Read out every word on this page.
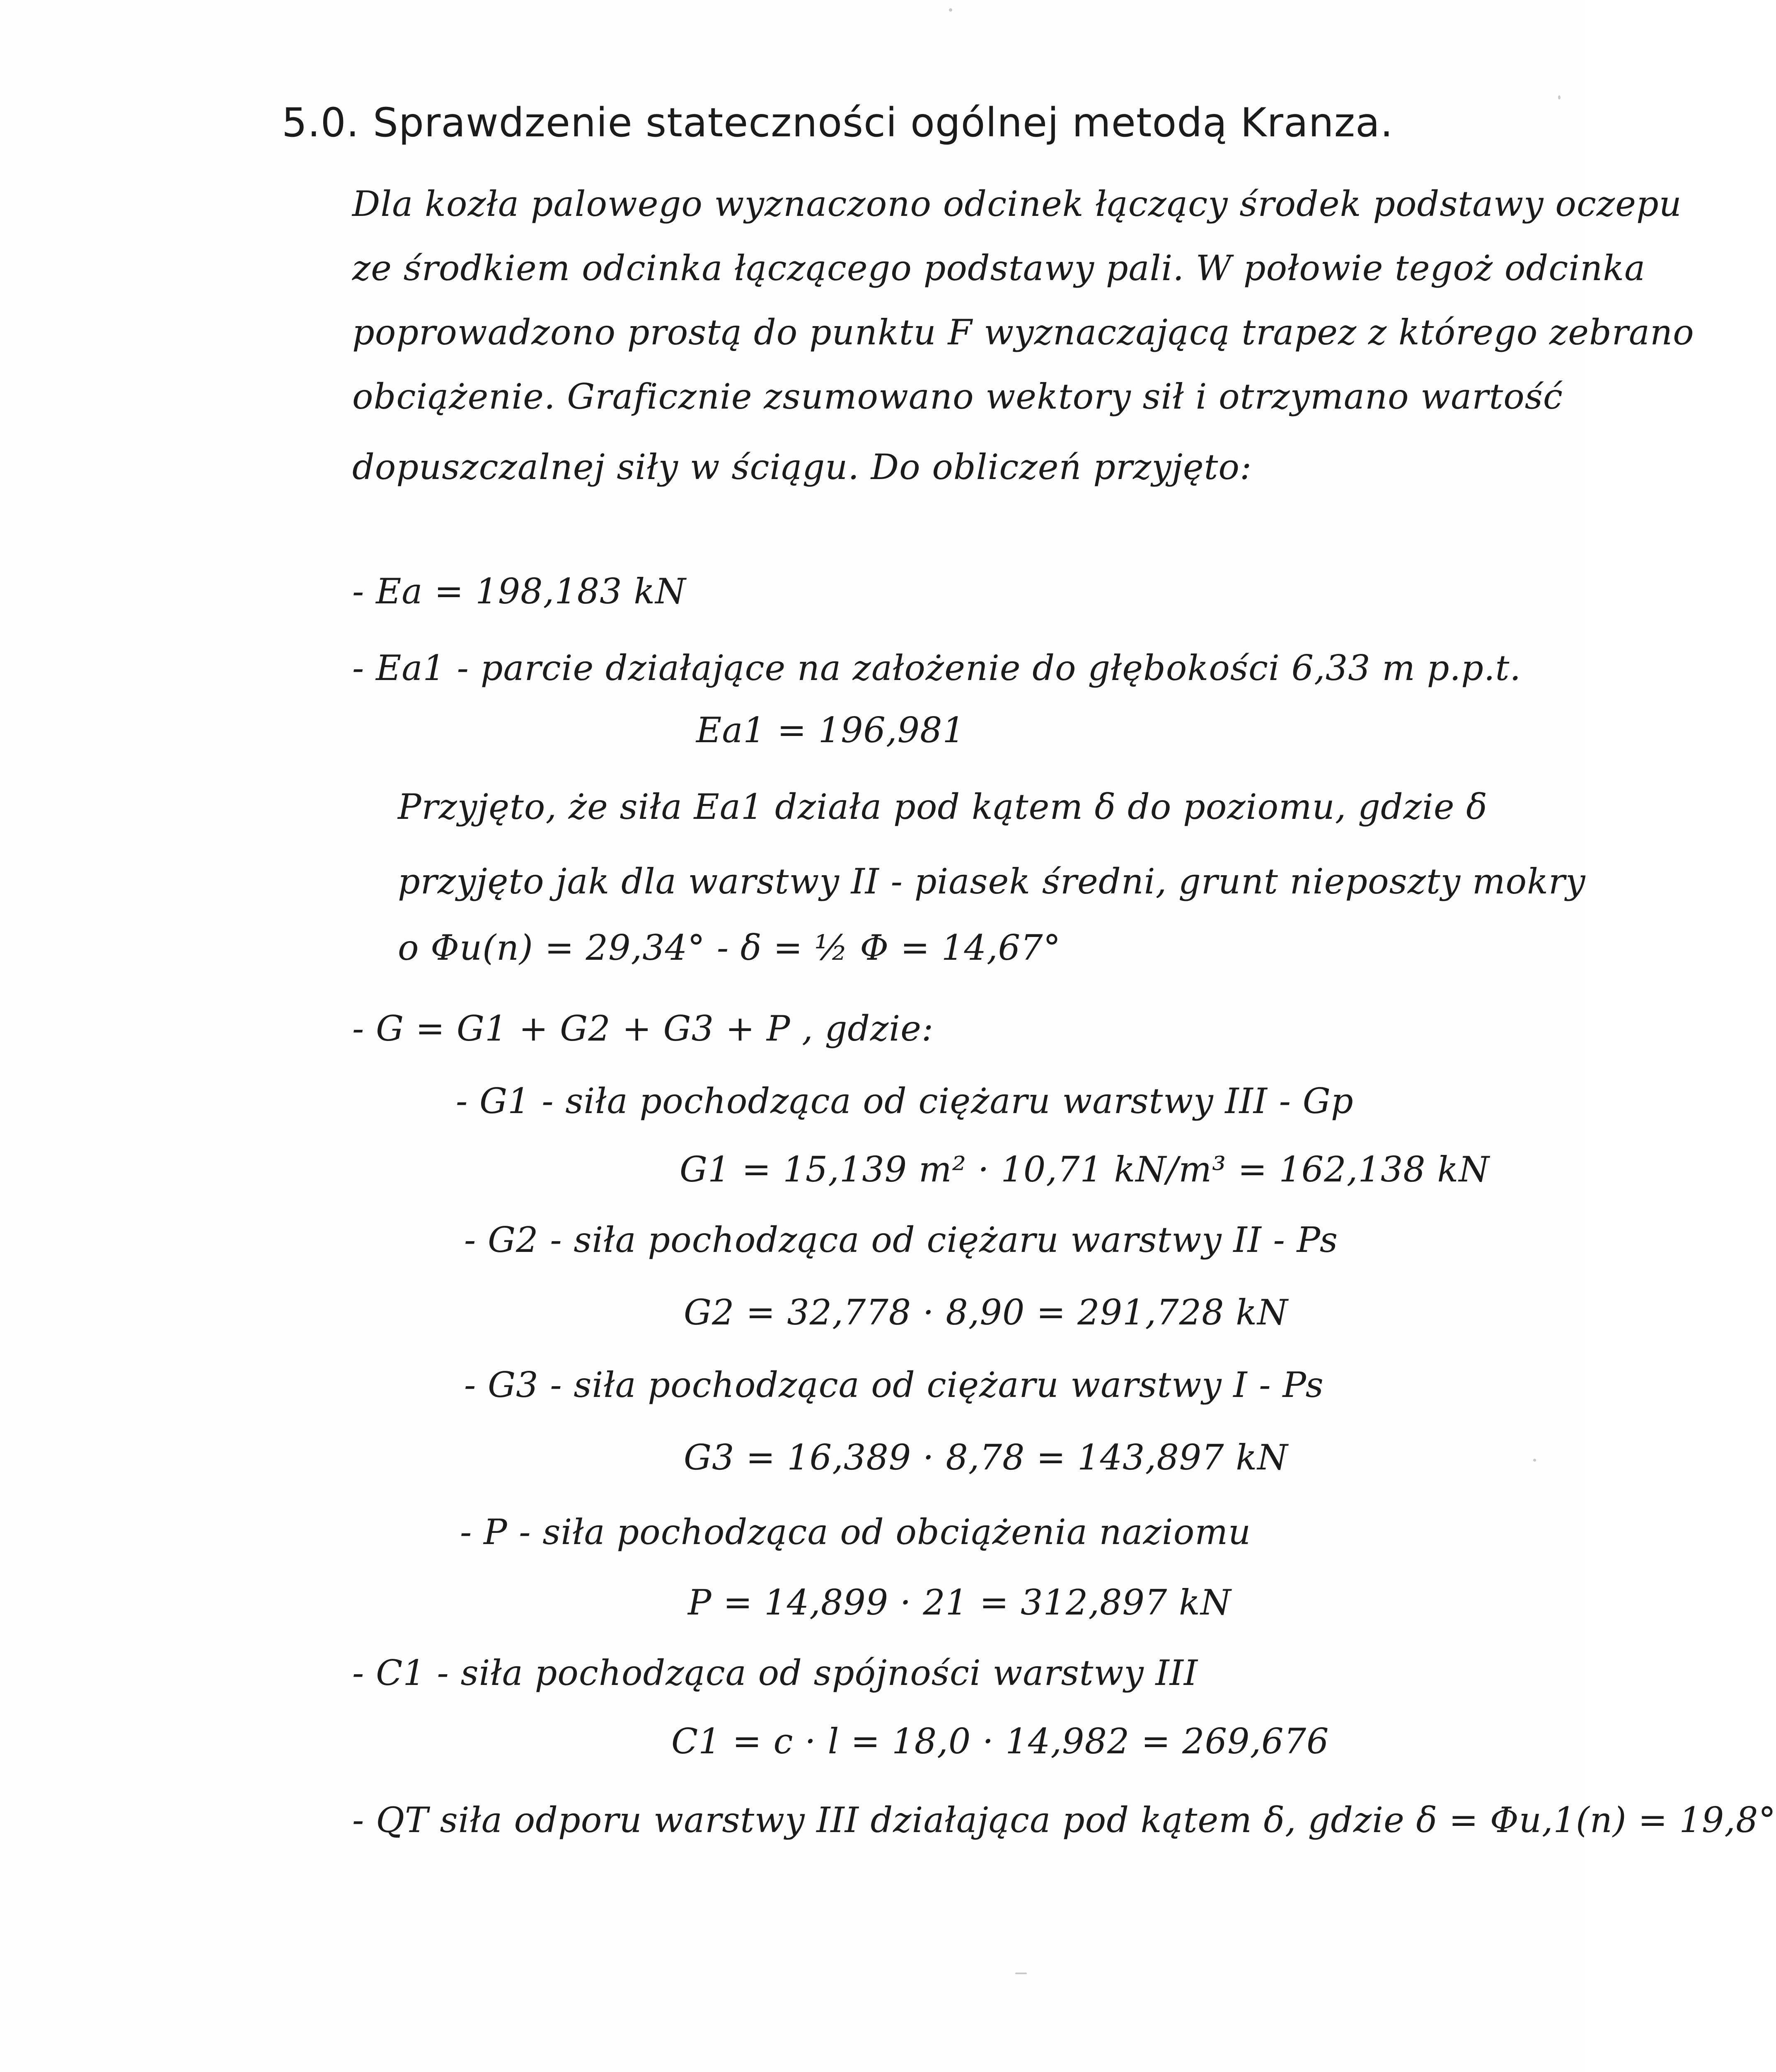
5.0. Sprawdzenie stateczności ogólnej metodą Kranza.
Dla kozła palowego wyznaczono odcinek łączący środek podstawy oczepu
ze środkiem odcinka łączącego podstawy pali. W połowie tegoż odcinka
poprowadzono prostą do punktu F wyznaczającą trapez z którego zebrano
obciążenie. Graficznie zsumowano wektory sił i otrzymano wartość
dopuszczalnej siły w ściągu. Do obliczeń przyjęto:
- Ea = 198,183 kN
- Ea1 - parcie działające na założenie do głębokości 6,33 m p.p.t.
Ea1 = 196,981
Przyjęto, że siła Ea1 działa pod kątem δ do poziomu, gdzie δ
przyjęto jak dla warstwy II - piasek średni, grunt nieposzty mokry
o Φu(n) = 29,34° - δ = ½ Φ = 14,67°
- G = G1 + G2 + G3 + P , gdzie:
- G1 - siła pochodząca od ciężaru warstwy III - Gp
G1 = 15,139 m² · 10,71 kN/m³ = 162,138 kN
- G2 - siła pochodząca od ciężaru warstwy II - Ps
G2 = 32,778 · 8,90 = 291,728 kN
- G3 - siła pochodząca od ciężaru warstwy I - Ps
G3 = 16,389 · 8,78 = 143,897 kN
- P - siła pochodząca od obciążenia naziomu
P = 14,899 · 21 = 312,897 kN
- C1 - siła pochodząca od spójności warstwy III
C1 = c · l = 18,0 · 14,982 = 269,676
- QT siła odporu warstwy III działająca pod kątem δ, gdzie δ = Φu,1(n) = 19,8°
